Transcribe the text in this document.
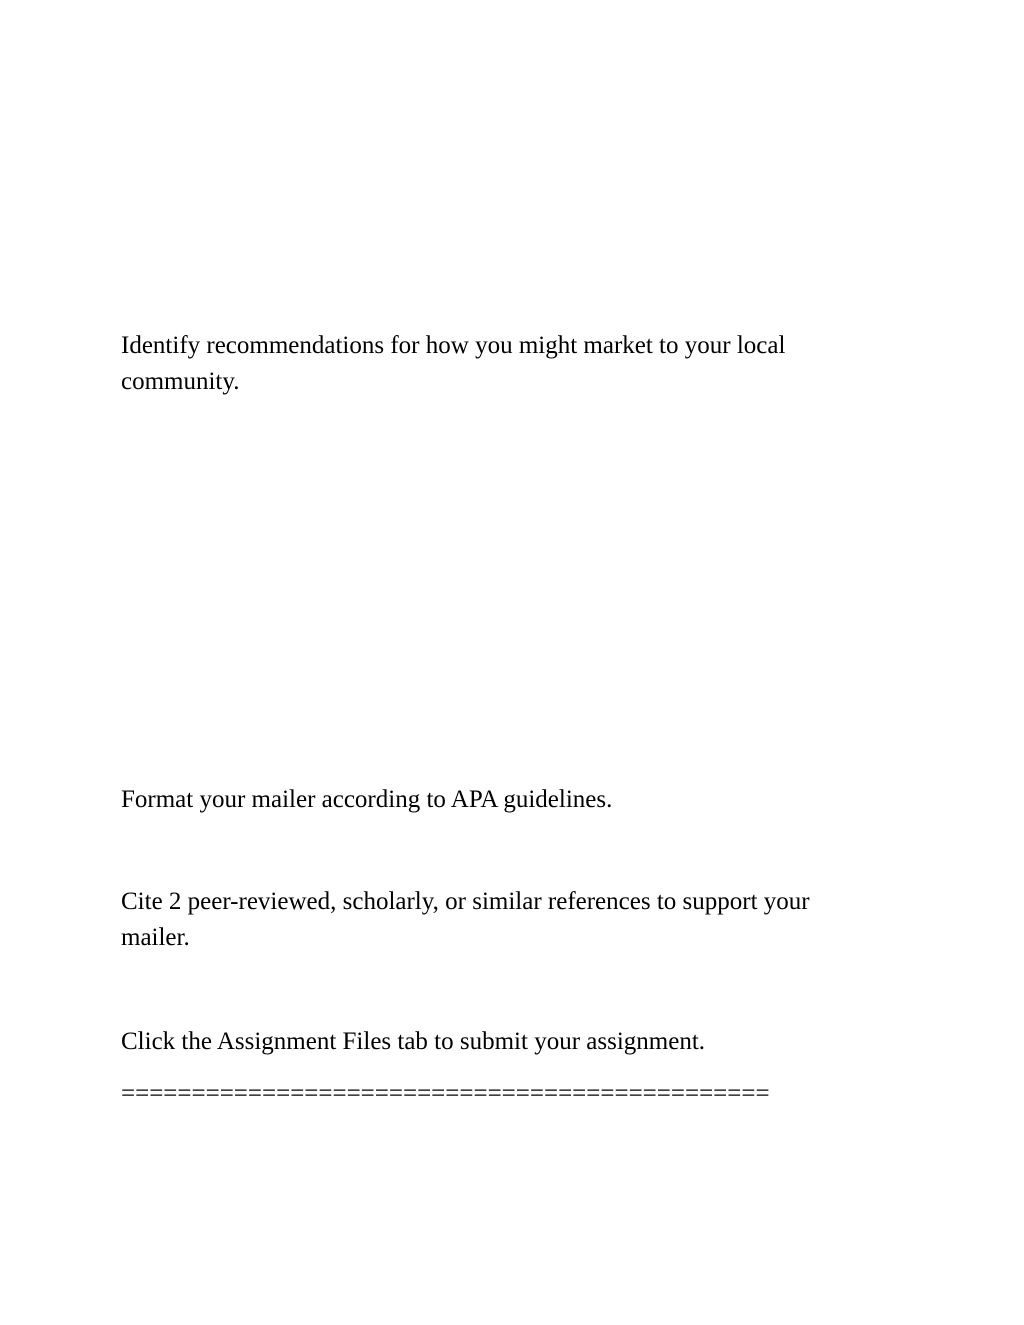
Identify recommendations for how you might market to your local community.

Format your mailer according to APA guidelines.

Cite 2 peer-reviewed, scholarly, or similar references to support your mailer.

Click the Assignment Files tab to submit your assignment.

==============================================
